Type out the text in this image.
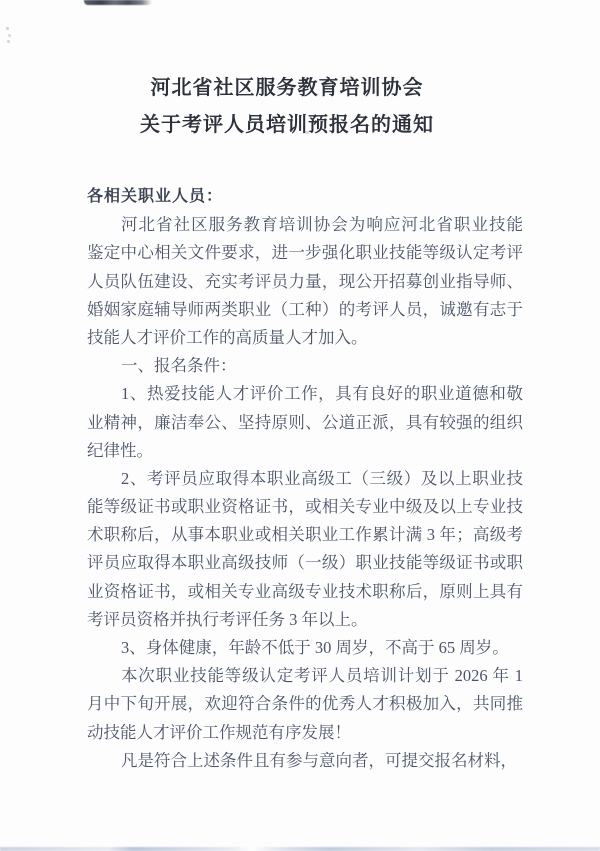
河北省社区服务教育培训协会
关于考评人员培训预报名的通知
各相关职业人员：
河北省社区服务教育培训协会为响应河北省职业技能
鉴定中心相关文件要求，进一步强化职业技能等级认定考评
人员队伍建设、充实考评员力量，现公开招募创业指导师、
婚姻家庭辅导师两类职业（工种）的考评人员，诚邀有志于
技能人才评价工作的高质量人才加入。
一、报名条件：
1、热爱技能人才评价工作，具有良好的职业道德和敬
业精神，廉洁奉公、坚持原则、公道正派，具有较强的组织
纪律性。
2、考评员应取得本职业高级工（三级）及以上职业技
能等级证书或职业资格证书，或相关专业中级及以上专业技
术职称后，从事本职业或相关职业工作累计满 3 年；高级考
评员应取得本职业高级技师（一级）职业技能等级证书或职
业资格证书，或相关专业高级专业技术职称后，原则上具有
考评员资格并执行考评任务 3 年以上。
3、身体健康，年龄不低于 30 周岁，不高于 65 周岁。
本次职业技能等级认定考评人员培训计划于 2026 年 1
月中下旬开展，欢迎符合条件的优秀人才积极加入，共同推
动技能人才评价工作规范有序发展！
凡是符合上述条件且有参与意向者，可提交报名材料，
